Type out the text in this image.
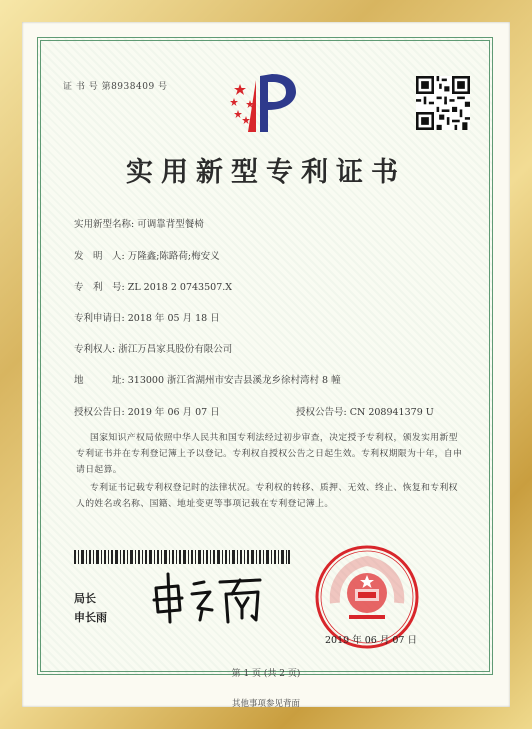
证 书 号 第8938409 号
实用新型专利证书
实用新型名称: 可调靠背型餐椅
发　明　人: 万隆鑫;陈路荷;梅安义
专　利　号: ZL 2018 2 0743507.X
专利申请日: 2018 年 05 月 18 日
专利权人: 浙江万昌家具股份有限公司
地　　　址: 313000 浙江省湖州市安吉县溪龙乡徐村湾村 8 幢
授权公告日: 2019 年 06 月 07 日	授权公告号: CN 208941379 U
国家知识产权局依照中华人民共和国专利法经过初步审查，决定授予专利权，颁发实用新型专利证书并在专利登记簿上予以登记。专利权自授权公告之日起生效。专利权期限为十年，自申请日起算。
专利证书记载专利权登记时的法律状况。专利权的转移、质押、无效、终止、恢复和专利权人的姓名或名称、国籍、地址变更等事项记载在专利登记簿上。
局长
申长雨
2019 年 06 月 07 日
第 1 页 (共 2 页)
其他事项参见背面
